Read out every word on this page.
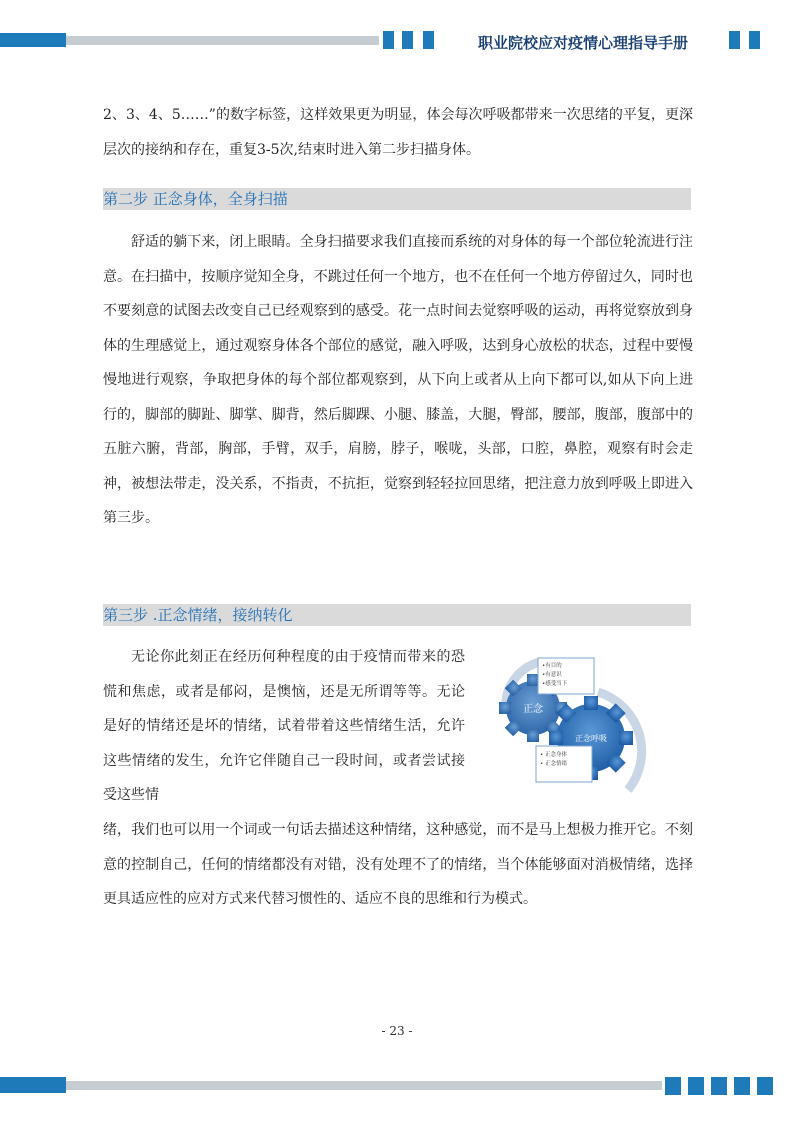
职业院校应对疫情心理指导手册
2、3、4、5……”的数字标签，这样效果更为明显，体会每次呼吸都带来一次思绪的平复，更深层次的接纳和存在，重复3-5次,结束时进入第二步扫描身体。
第二步 正念身体，全身扫描
舒适的躺下来，闭上眼睛。全身扫描要求我们直接而系统的对身体的每一个部位轮流进行注意。在扫描中，按顺序觉知全身，不跳过任何一个地方，也不在任何一个地方停留过久，同时也不要刻意的试图去改变自己已经观察到的感受。花一点时间去觉察呼吸的运动，再将觉察放到身体的生理感觉上，通过观察身体各个部位的感觉，融入呼吸，达到身心放松的状态，过程中要慢慢地进行观察，争取把身体的每个部位都观察到，从下向上或者从上向下都可以,如从下向上进行的，脚部的脚趾、脚掌、脚背，然后脚踝、小腿、膝盖，大腿，臀部，腰部，腹部，腹部中的五脏六腑，背部，胸部，手臂，双手，肩膀，脖子，喉咙，头部，口腔，鼻腔，观察有时会走神，被想法带走，没关系，不指责，不抗拒，觉察到轻轻拉回思绪，把注意力放到呼吸上即进入第三步。
第三步 .正念情绪，接纳转化
无论你此刻正在经历何种程度的由于疫情而带来的恐慌和焦虑，或者是郁闷，是懊恼，还是无所谓等等。无论是好的情绪还是坏的情绪，试着带着这些情绪生活，允许这些情绪的发生，允许它伴随自己一段时间，或者尝试接受这些情
绪，我们也可以用一个词或一句话去描述这种情绪，这种感觉，而不是马上想极力推开它。不刻意的控制自己，任何的情绪都没有对错，没有处理不了的情绪，当个体能够面对消极情绪，选择更具适应性的应对方式来代替习惯性的、适应不良的思维和行为模式。
正念
正念呼吸
•有目的 •有意识 •感受当下
• 正念身体 • 正念情绪
- 23 -
